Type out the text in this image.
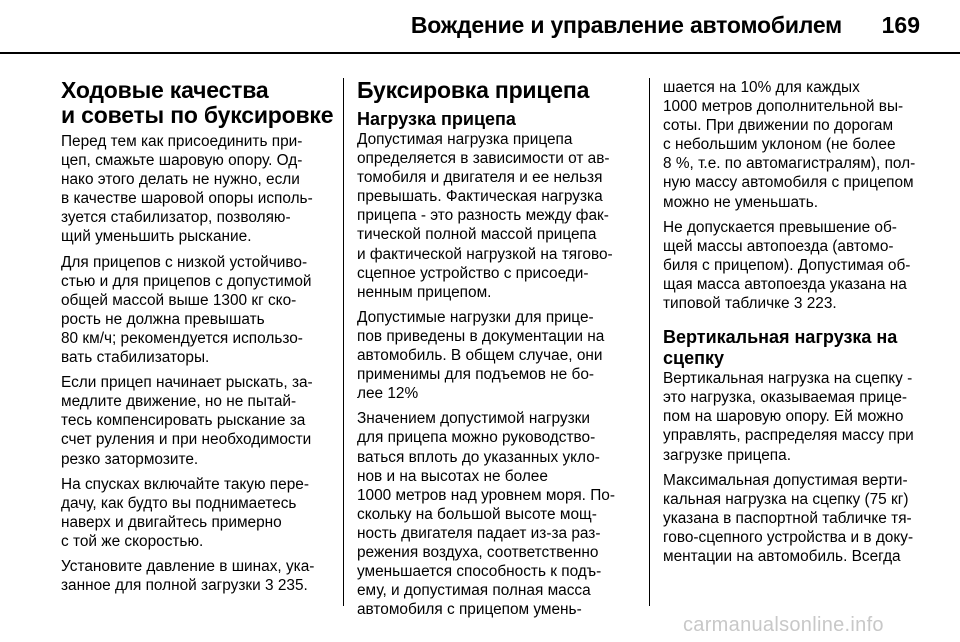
Вождение и управление автомобилем 169
Ходовые качества
и советы по буксировке

Перед тем как присоединить при-
цеп, смажьте шаровую опору. Од-
нако этого делать не нужно, если
в качестве шаровой опоры исполь-
зуется стабилизатор, позволяю-
щий уменьшить рыскание.

Для прицепов с низкой устойчиво-
стью и для прицепов с допустимой
общей массой выше 1300 кг ско-
рость не должна превышать
80 км/ч; рекомендуется использо-
вать стабилизаторы.

Если прицеп начинает рыскать, за-
медлите движение, но не пытай-
тесь компенсировать рыскание за
счет руления и при необходимости
резко затормозите.

На спусках включайте такую пере-
дачу, как будто вы поднимаетесь
наверх и двигайтесь примерно
с той же скоростью.

Установите давление в шинах, ука-
занное для полной загрузки 3 235.

Буксировка прицепа
Нагрузка прицепа

Допустимая нагрузка прицепа
определяется в зависимости от ав-
томобиля и двигателя и ее нельзя
превышать. Фактическая нагрузка
прицепа - это разность между фак-
тической полной массой прицепа
и фактической нагрузкой на тягово-
сцепное устройство с присоеди-
ненным прицепом.

Допустимые нагрузки для прице-
пов приведены в документации на
автомобиль. В общем случае, они
применимы для подъемов не бо-
лее 12%

Значением допустимой нагрузки
для прицепа можно руководство-
ваться вплоть до указанных укло-
нов и на высотах не более
1000 метров над уровнем моря. По-
скольку на большой высоте мощ-
ность двигателя падает из-за раз-
режения воздуха, соответственно
уменьшается способность к подъ-
ему, и допустимая полная масса
автомобиля с прицепом умень-

шается на 10% для каждых
1000 метров дополнительной вы-
соты. При движении по дорогам
с небольшим уклоном (не более
8 %, т.е. по автомагистралям), пол-
ную массу автомобиля с прицепом
можно не уменьшать.

Не допускается превышение об-
щей массы автопоезда (автомо-
биля с прицепом). Допустимая об-
щая масса автопоезда указана на
типовой табличке 3 223.

Вертикальная нагрузка на
сцепку

Вертикальная нагрузка на сцепку -
это нагрузка, оказываемая прице-
пом на шаровую опору. Ей можно
управлять, распределяя массу при
загрузке прицепа.

Максимальная допустимая верти-
кальная нагрузка на сцепку (75 кг)
указана в паспортной табличке тя-
гово-сцепного устройства и в доку-
ментации на автомобиль. Всегда

carmanualsonline.info
